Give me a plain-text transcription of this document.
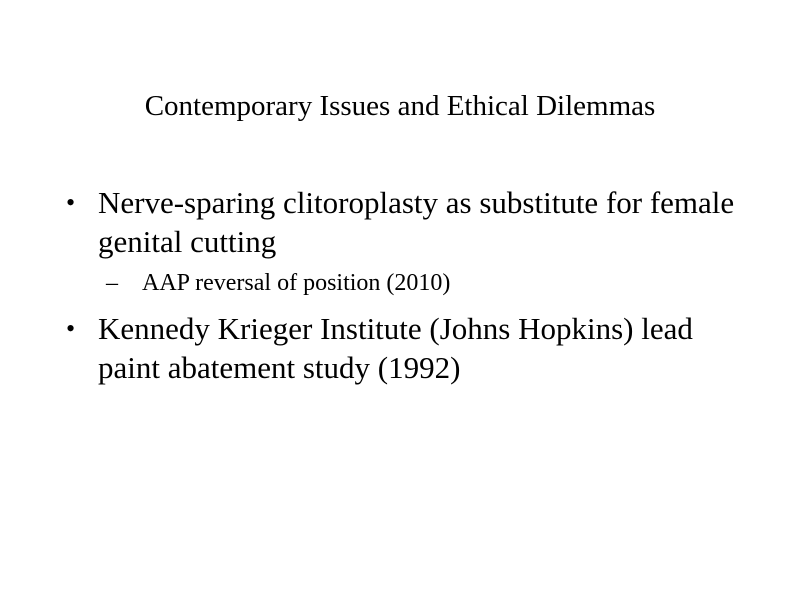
Contemporary Issues and Ethical Dilemmas
• Nerve-sparing clitoroplasty as substitute for female genital cutting
–	AAP reversal of position (2010)
• Kennedy Krieger Institute (Johns Hopkins) lead paint abatement study (1992)
